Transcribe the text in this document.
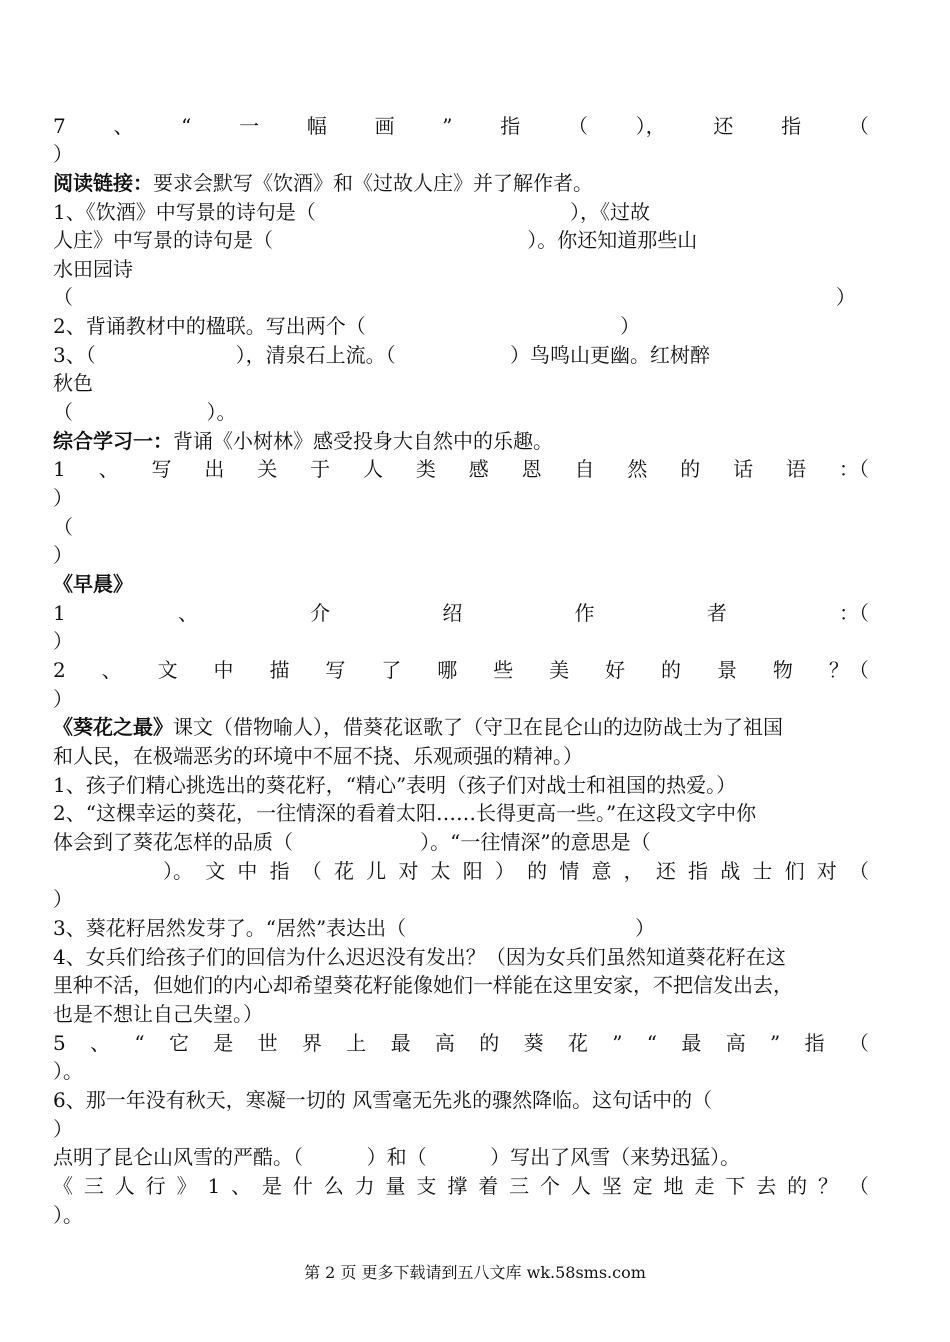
7 、 “ 一 幅 画 ” 指 （ ）， 还 指 （
）
阅读链接：要求会默写《饮酒》和《过故人庄》并了解作者。
1、《饮酒》中写景的诗句是（                                        ），《过故
人庄》中写景的诗句是（                                        ）。你还知道那些山
水田园诗
（                                                                                                                        ）
2、背诵教材中的楹联。写出两个（                                        ）
3、（                      ），清泉石上流。（                  ）鸟鸣山更幽。红树醉
秋色
（                     ）。
综合学习一：背诵《小树林》感受投身大自然中的乐趣。
1 、 写 出 关 于 人 类 感 恩 自 然 的 话 语 ：（
）
（
）
《早晨》
1	、	介	绍	作	者	：（
）
2 、 文 中 描 写 了 哪 些 美 好 的 景 物 ？（
）
《葵花之最》课文（借物喻人），借葵花讴歌了（守卫在昆仑山的边防战士为了祖国
和人民，在极端恶劣的环境中不屈不挠、乐观顽强的精神。）
1、孩子们精心挑选出的葵花籽，“精心”表明（孩子们对战士和祖国的热爱。）
2、“这棵幸运的葵花，一往情深的看着太阳……长得更高一些。”在这段文字中你
体会到了葵花怎样的品质（                    ）。“一往情深”的意思是（
）。 文 中 指 （ 花 儿 对 太 阳 ） 的 情 意 ， 还 指 战 士 们 对 （
）
3、葵花籽居然发芽了。“居然”表达出（                                    ）
4、女兵们给孩子们的回信为什么迟迟没有发出？（因为女兵们虽然知道葵花籽在这
里种不活，但她们的内心却希望葵花籽能像她们一样能在这里安家，不把信发出去，
也是不想让自己失望。）
5 、 “ 它 是 世 界 上 最 高 的 葵 花 ” “ 最 高 ” 指 （
）。
6、那一年没有秋天，寒凝一切的 风雪毫无先兆的骤然降临。这句话中的（
）
点明了昆仑山风雪的严酷。（          ）和（          ）写出了风雪（来势迅猛）。
《 三 人 行 》 1 、 是 什 么 力 量 支 撑 着 三 个 人 坚 定 地 走 下 去 的 ？ （
）。
第 2 页 更多下载请到五八文库 wk.58sms.com
